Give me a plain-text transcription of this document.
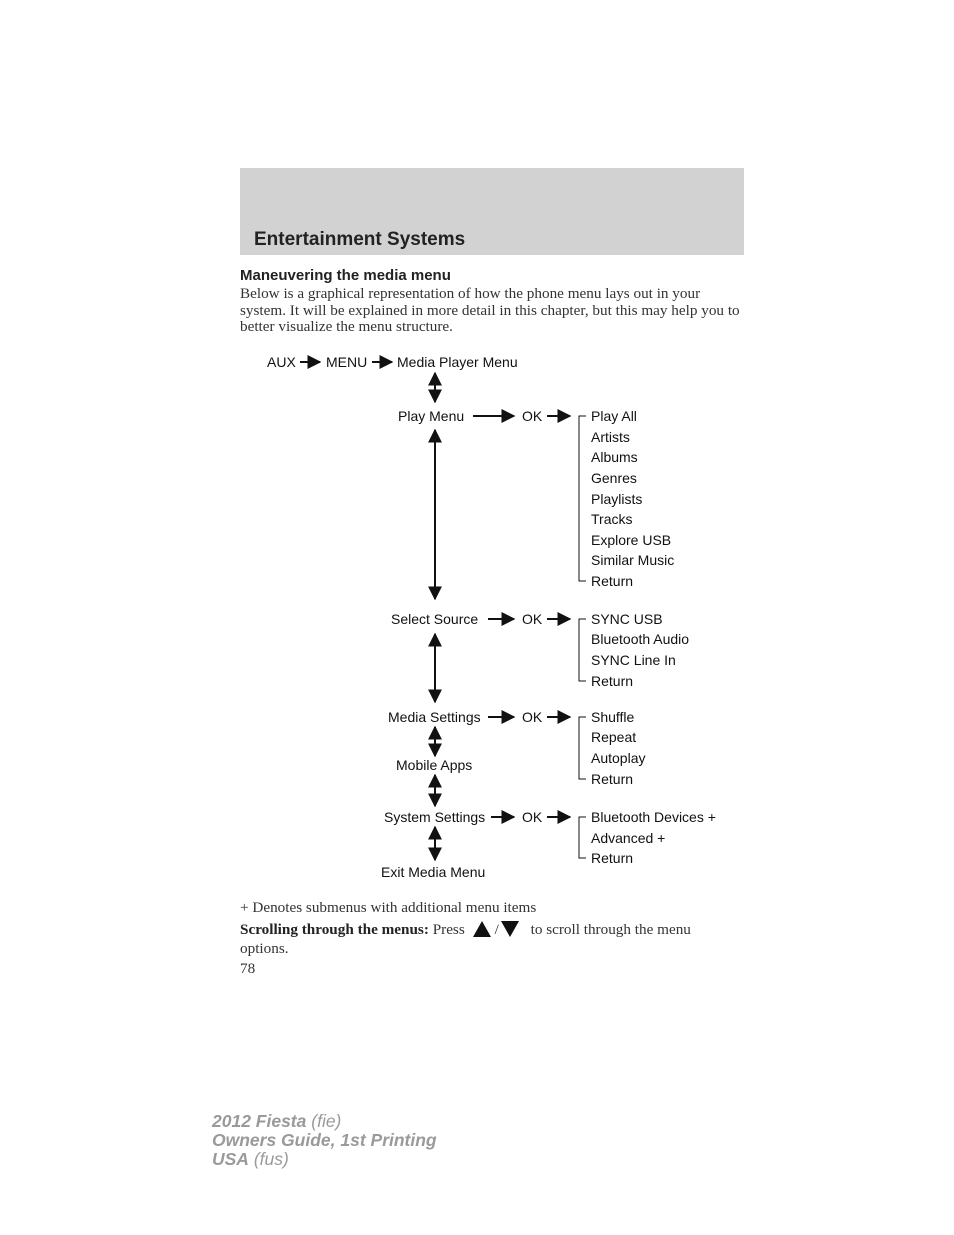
Entertainment Systems
Maneuvering the media menu
Below is a graphical representation of how the phone menu lays out in your system. It will be explained in more detail in this chapter, but this may help you to better visualize the menu structure.
AUX MENU Media Player Menu
Play Menu	OK	Play All
Artists
Albums
Genres
Playlists
Tracks
Explore USB
Similar Music
Return
Select Source	OK	SYNC USB
Bluetooth Audio
SYNC Line In
Return
Media Settings	OK	Shuffle
Repeat
Autoplay
Return
Mobile Apps
System Settings	OK	Bluetooth Devices +
Advanced +
Return
Exit Media Menu
+ Denotes submenus with additional menu items
Scrolling through the menus: Press / to scroll through the menu options.
78
2012 Fiesta (fie)
Owners Guide, 1st Printing
USA (fus)
